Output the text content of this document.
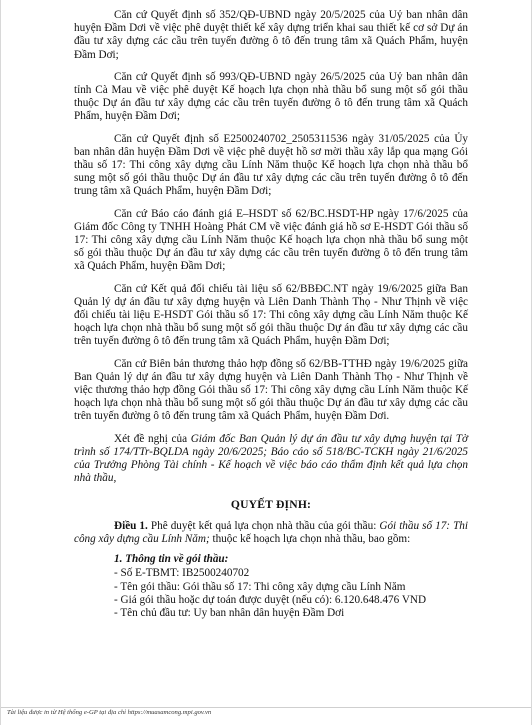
Căn cứ Quyết định số 352/QĐ-UBND ngày 20/5/2025 của Uỷ ban nhân dân huyện Đầm Dơi về việc phê duyệt thiết kế xây dựng triển khai sau thiết kế cơ sở Dự án đầu tư xây dựng các cầu trên tuyến đường ô tô đến trung tâm xã Quách Phẩm, huyện Đầm Dơi;

Căn cứ Quyết định số 993/QĐ-UBND ngày 26/5/2025 của Uỷ ban nhân dân tỉnh Cà Mau về việc phê duyệt Kế hoạch lựa chọn nhà thầu bổ sung một số gói thầu thuộc Dự án đầu tư xây dựng các cầu trên tuyến đường ô tô đến trung tâm xã Quách Phẩm, huyện Đầm Dơi;

Căn cứ Quyết định số E2500240702_2505311536 ngày 31/05/2025 của Ủy ban nhân dân huyện Đầm Dơi về việc phê duyệt hồ sơ mời thầu xây lắp qua mạng Gói thầu số 17: Thi công xây dựng cầu Lính Năm thuộc Kế hoạch lựa chọn nhà thầu bổ sung một số gói thầu thuộc Dự án đầu tư xây dựng các cầu trên tuyến đường ô tô đến trung tâm xã Quách Phẩm, huyện Đầm Dơi;

Căn cứ Báo cáo đánh giá E–HSDT số 62/BC.HSDT-HP ngày 17/6/2025 của Giám đốc Công ty TNHH Hoàng Phát CM về việc đánh giá hồ sơ E-HSDT Gói thầu số 17: Thi công xây dựng cầu Lính Năm thuộc Kế hoạch lựa chọn nhà thầu bổ sung một số gói thầu thuộc Dự án đầu tư xây dựng các cầu trên tuyến đường ô tô đến trung tâm xã Quách Phẩm, huyện Đầm Dơi;

Căn cứ Kết quả đối chiếu tài liệu số 62/BBĐC.NT ngày 19/6/2025 giữa Ban Quản lý dự án đầu tư xây dựng huyện và Liên Danh Thành Thọ - Như Thịnh về việc đối chiếu tài liệu E-HSDT Gói thầu số 17: Thi công xây dựng cầu Lính Năm thuộc Kế hoạch lựa chọn nhà thầu bổ sung một số gói thầu thuộc Dự án đầu tư xây dựng các cầu trên tuyến đường ô tô đến trung tâm xã Quách Phẩm, huyện Đầm Dơi;

Căn cứ Biên bản thương thảo hợp đồng số 62/BB-TTHĐ ngày 19/6/2025 giữa Ban Quản lý dự án đầu tư xây dựng huyện và Liên Danh Thành Thọ - Như Thịnh về việc thương thảo hợp đồng Gói thầu số 17: Thi công xây dựng cầu Lính Năm thuộc Kế hoạch lựa chọn nhà thầu bổ sung một số gói thầu thuộc Dự án đầu tư xây dựng các cầu trên tuyến đường ô tô đến trung tâm xã Quách Phẩm, huyện Đầm Dơi.

Xét đề nghị của Giám đốc Ban Quản lý dự án đầu tư xây dựng huyện tại Tờ trình số 174/TTr-BQLDA ngày 20/6/2025; Báo cáo số 518/BC-TCKH ngày 21/6/2025 của Trưởng Phòng Tài chính - Kế hoạch về việc báo cáo thẩm định kết quả lựa chọn nhà thầu,

QUYẾT ĐỊNH:

Điều 1. Phê duyệt kết quả lựa chọn nhà thầu của gói thầu: Gói thầu số 17: Thi công xây dựng cầu Lính Năm; thuộc kế hoạch lựa chọn nhà thầu, bao gồm:

1. Thông tin về gói thầu:
- Số E-TBMT: IB2500240702
- Tên gói thầu: Gói thầu số 17: Thi công xây dựng cầu Lính Năm
- Giá gói thầu hoặc dự toán được duyệt (nếu có): 6.120.648.476 VND
- Tên chủ đầu tư: Uy ban nhân dân huyện Đầm Dơi
Tài liệu được in từ Hệ thống e-GP tại địa chỉ https://muasamcong.mpi.gov.vn
